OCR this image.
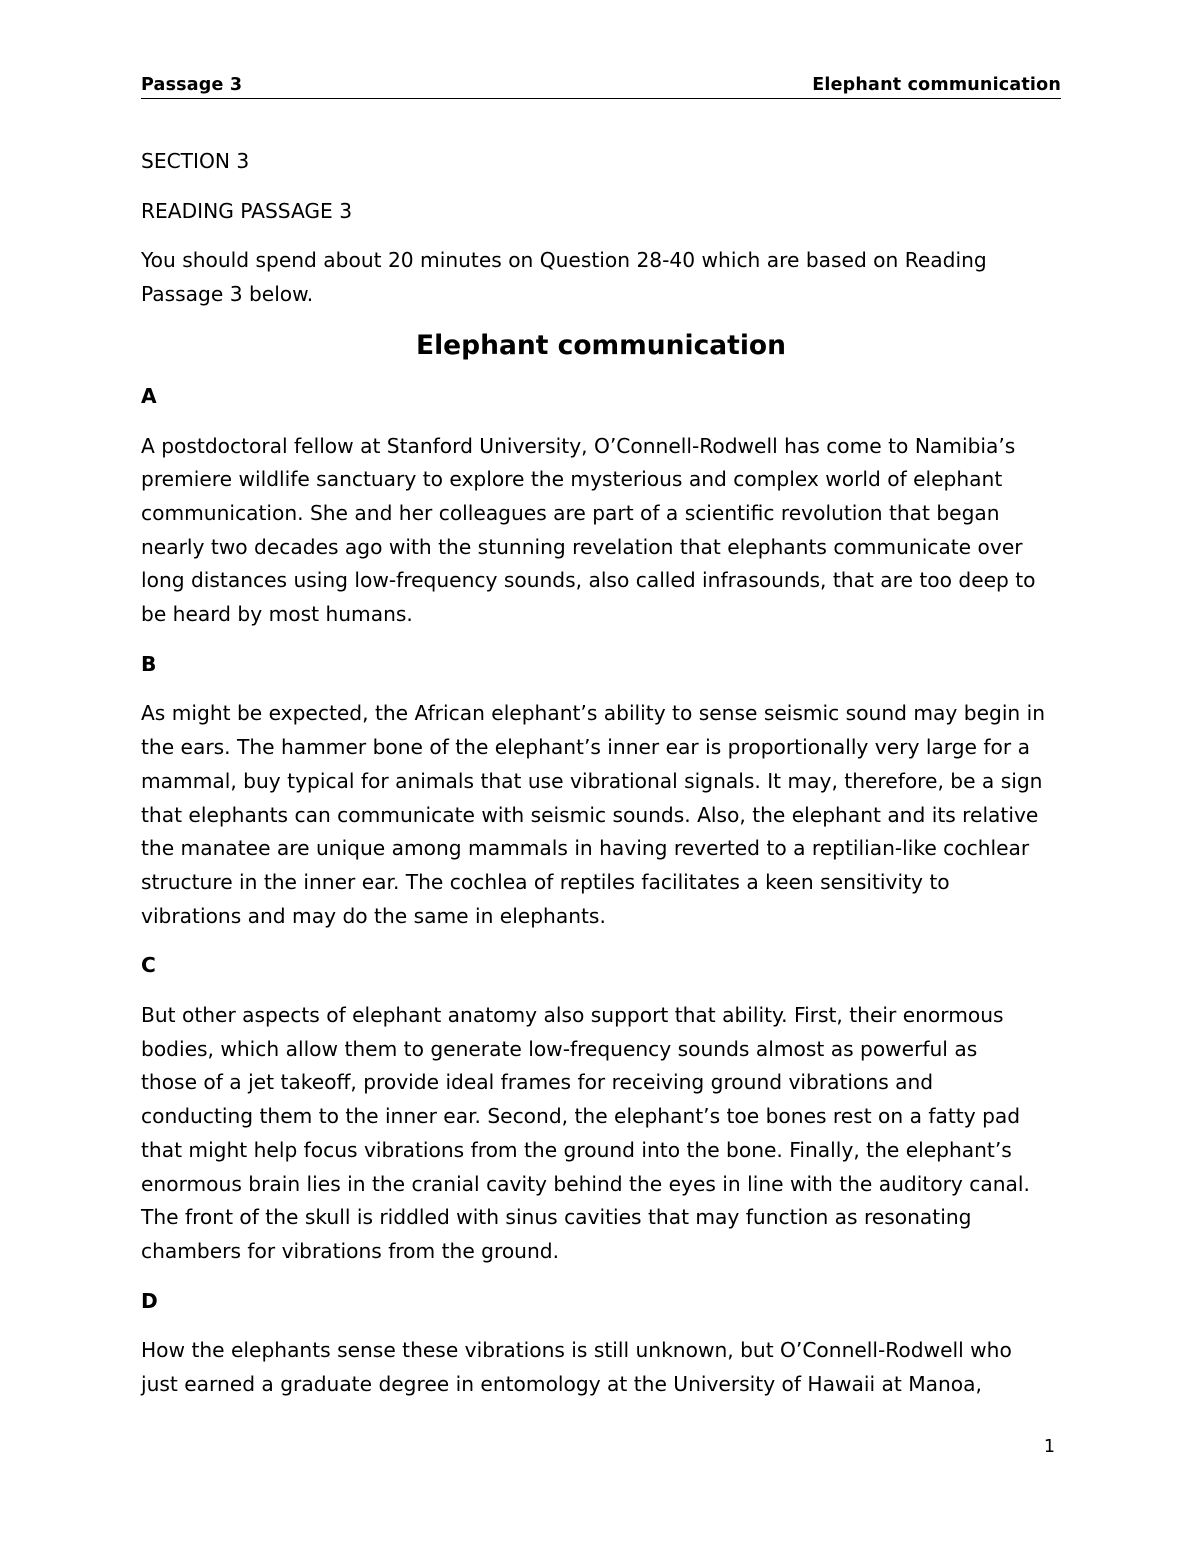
Passage 3	Elephant communication

SECTION 3

READING PASSAGE 3

You should spend about 20 minutes on Question 28-40 which are based on Reading

Passage 3 below.

Elephant communication

A

A postdoctoral fellow at Stanford University, O’Connell-Rodwell has come to Namibia’s

premiere wildlife sanctuary to explore the mysterious and complex world of elephant

communication. She and her colleagues are part of a scientific revolution that began

nearly two decades ago with the stunning revelation that elephants communicate over

long distances using low-frequency sounds, also called infrasounds, that are too deep to

be heard by most humans.

B

As might be expected, the African elephant’s ability to sense seismic sound may begin in

the ears. The hammer bone of the elephant’s inner ear is proportionally very large for a

mammal, buy typical for animals that use vibrational signals. It may, therefore, be a sign

that elephants can communicate with seismic sounds. Also, the elephant and its relative

the manatee are unique among mammals in having reverted to a reptilian-like cochlear

structure in the inner ear. The cochlea of reptiles facilitates a keen sensitivity to

vibrations and may do the same in elephants.

C

But other aspects of elephant anatomy also support that ability. First, their enormous

bodies, which allow them to generate low-frequency sounds almost as powerful as

those of a jet takeoff, provide ideal frames for receiving ground vibrations and

conducting them to the inner ear. Second, the elephant’s toe bones rest on a fatty pad

that might help focus vibrations from the ground into the bone. Finally, the elephant’s

enormous brain lies in the cranial cavity behind the eyes in line with the auditory canal.

The front of the skull is riddled with sinus cavities that may function as resonating

chambers for vibrations from the ground.

D

How the elephants sense these vibrations is still unknown, but O’Connell-Rodwell who

just earned a graduate degree in entomology at the University of Hawaii at Manoa,

1
